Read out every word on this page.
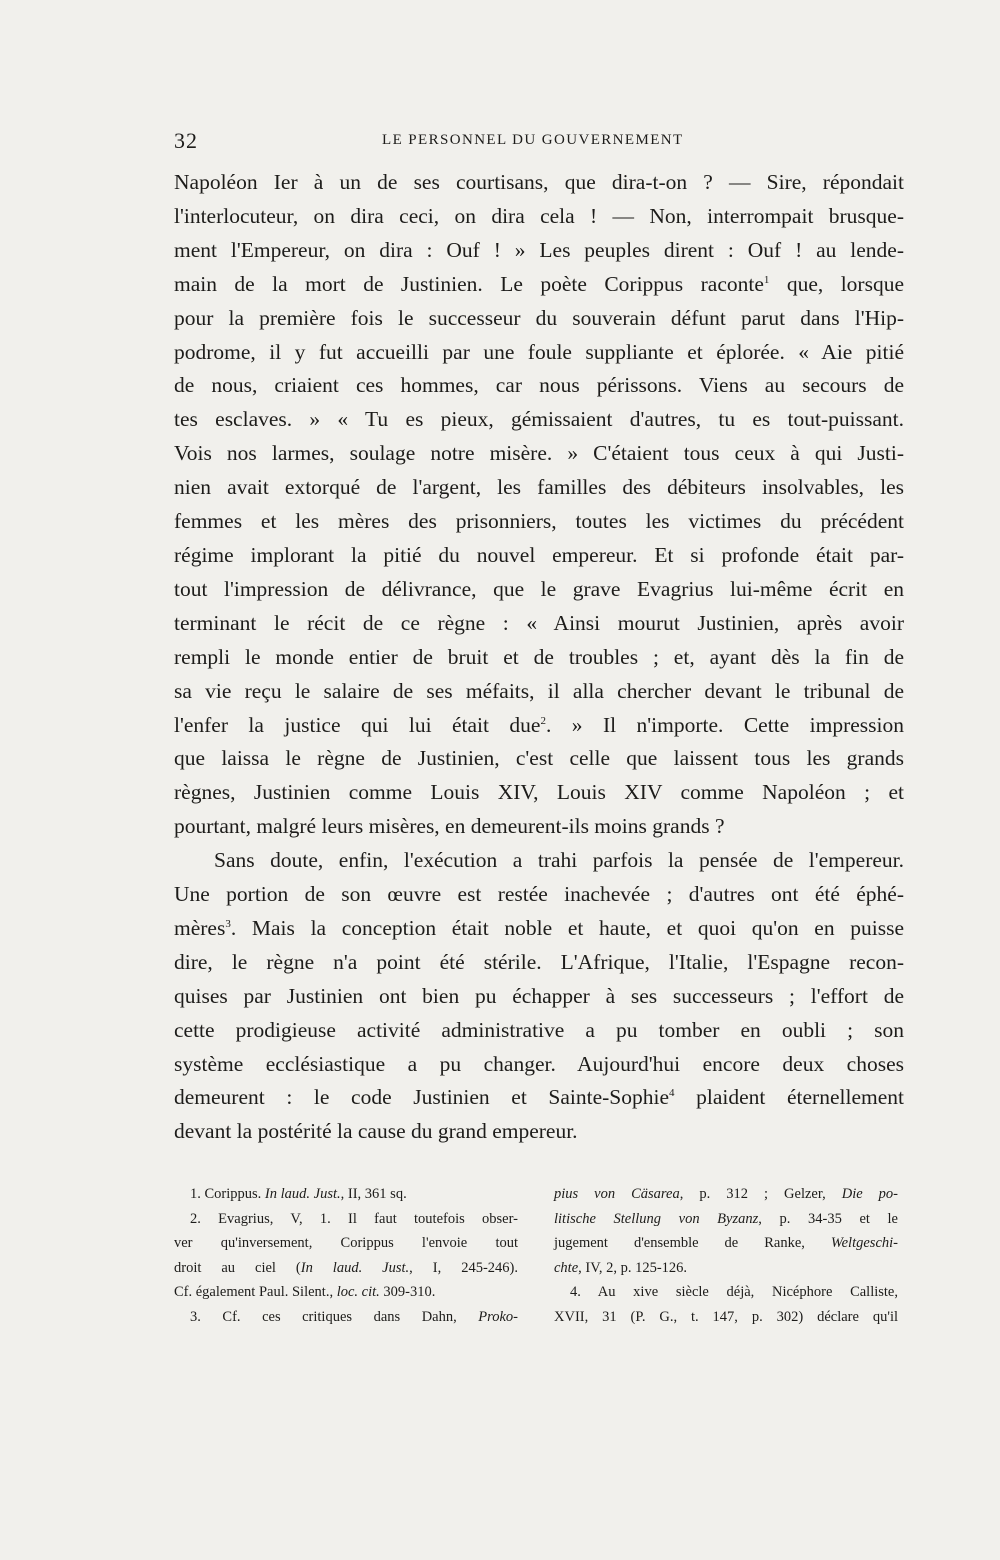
32	LE PERSONNEL DU GOUVERNEMENT

Napoléon Ier à un de ses courtisans, que dira-t-on ? — Sire, répondait
l'interlocuteur, on dira ceci, on dira cela ! — Non, interrompait brusque-
ment l'Empereur, on dira : Ouf ! » Les peuples dirent : Ouf ! au lende-
main de la mort de Justinien. Le poète Corippus raconte$^1$ que, lorsque
pour la première fois le successeur du souverain défunt parut dans l'Hip-
podrome, il y fut accueilli par une foule suppliante et éplorée. « Aie pitié
de nous, criaient ces hommes, car nous périssons. Viens au secours de
tes esclaves. » « Tu es pieux, gémissaient d'autres, tu es tout-puissant.
Vois nos larmes, soulage notre misère. » C'étaient tous ceux à qui Justi-
nien avait extorqué de l'argent, les familles des débiteurs insolvables, les
femmes et les mères des prisonniers, toutes les victimes du précédent
régime implorant la pitié du nouvel empereur. Et si profonde était par-
tout l'impression de délivrance, que le grave Evagrius lui-même écrit en
terminant le récit de ce règne : « Ainsi mourut Justinien, après avoir
rempli le monde entier de bruit et de troubles ; et, ayant dès la fin de
sa vie reçu le salaire de ses méfaits, il alla chercher devant le tribunal de
l'enfer la justice qui lui était due$^2$. » Il n'importe. Cette impression
que laissa le règne de Justinien, c'est celle que laissent tous les grands
règnes, Justinien comme Louis XIV, Louis XIV comme Napoléon ; et
pourtant, malgré leurs misères, en demeurent-ils moins grands ?

Sans doute, enfin, l'exécution a trahi parfois la pensée de l'empereur.
Une portion de son œuvre est restée inachevée ; d'autres ont été éphé-
mères$^3$. Mais la conception était noble et haute, et quoi qu'on en puisse
dire, le règne n'a point été stérile. L'Afrique, l'Italie, l'Espagne recon-
quises par Justinien ont bien pu échapper à ses successeurs ; l'effort de
cette prodigieuse activité administrative a pu tomber en oubli ; son
système ecclésiastique a pu changer. Aujourd'hui encore deux choses
demeurent : le code Justinien et Sainte-Sophie$^4$ plaident éternellement
devant la postérité la cause du grand empereur.

1. Corippus. In laud. Just., II, 361 sq.

2. Evagrius, V, 1. Il faut toutefois obser-
ver qu'inversement, Corippus l'envoie tout
droit au ciel (In laud. Just., I, 245-246).
Cf. également Paul. Silent., loc. cit. 309-310.

3. Cf. ces critiques dans Dahn, Proko-

pius von Cäsarea, p. 312 ; Gelzer, Die po-
litische Stellung von Byzanz, p. 34-35 et le
jugement d'ensemble de Ranke, Weltgeschi-
chte, IV, 2, p. 125-126.

4. Au xive siècle déjà, Nicéphore Calliste,
XVII, 31 (P. G., t. 147, p. 302) déclare qu'il
